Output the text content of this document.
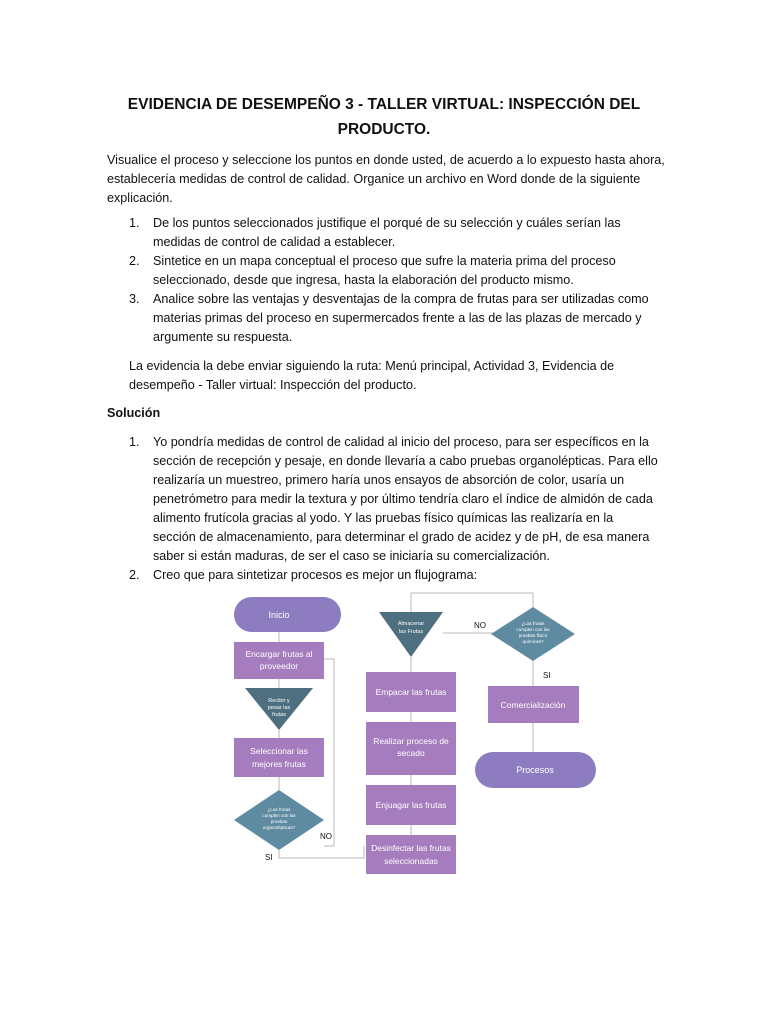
EVIDENCIA DE DESEMPEÑO 3 - TALLER VIRTUAL: INSPECCIÓN DEL PRODUCTO.

Visualice el proceso y seleccione los puntos en donde usted, de acuerdo a lo expuesto hasta ahora, establecería medidas de control de calidad. Organice un archivo en Word donde de la siguiente explicación.

1. De los puntos seleccionados justifique el porqué de su selección y cuáles serían las medidas de control de calidad a establecer.
2. Sintetice en un mapa conceptual el proceso que sufre la materia prima del proceso seleccionado, desde que ingresa, hasta la elaboración del producto mismo.
3. Analice sobre las ventajas y desventajas de la compra de frutas para ser utilizadas como materias primas del proceso en supermercados frente a las de las plazas de mercado y argumente su respuesta.

La evidencia la debe enviar siguiendo la ruta: Menú principal, Actividad 3, Evidencia de desempeño - Taller virtual: Inspección del producto.

Solución

1. Yo pondría medidas de control de calidad al inicio del proceso, para ser específicos en la sección de recepción y pesaje, en donde llevaría a cabo pruebas organolépticas. Para ello realizaría un muestreo, primero haría unos ensayos de absorción de color, usaría un penetrómetro para medir la textura y por último tendría claro el índice de almidón de cada alimento frutícola gracias al yodo. Y las pruebas físico químicas las realizaría en la sección de almacenamiento, para determinar el grado de acidez y de pH, de esa manera saber si están maduras, de ser el caso se iniciaría su comercialización.
2. Creo que para sintetizar procesos es mejor un flujograma:
Inicio
Encargar frutas al
proveedor
Recibir y
pesar las
frutas
Seleccionar las
mejores frutas
¿Las frutas
cumplen con las
pruebas
organolépticas?
NO
SI
Desinfectar las frutas
seleccionadas
Enjuagar las frutas
Realizar proceso de
secado
Empacar las frutas
Almacenar
las Frutas
NO	¿Las frutas
cumplen con las
pruebas físico
químicas?
SI
Comercialización
Procesos
